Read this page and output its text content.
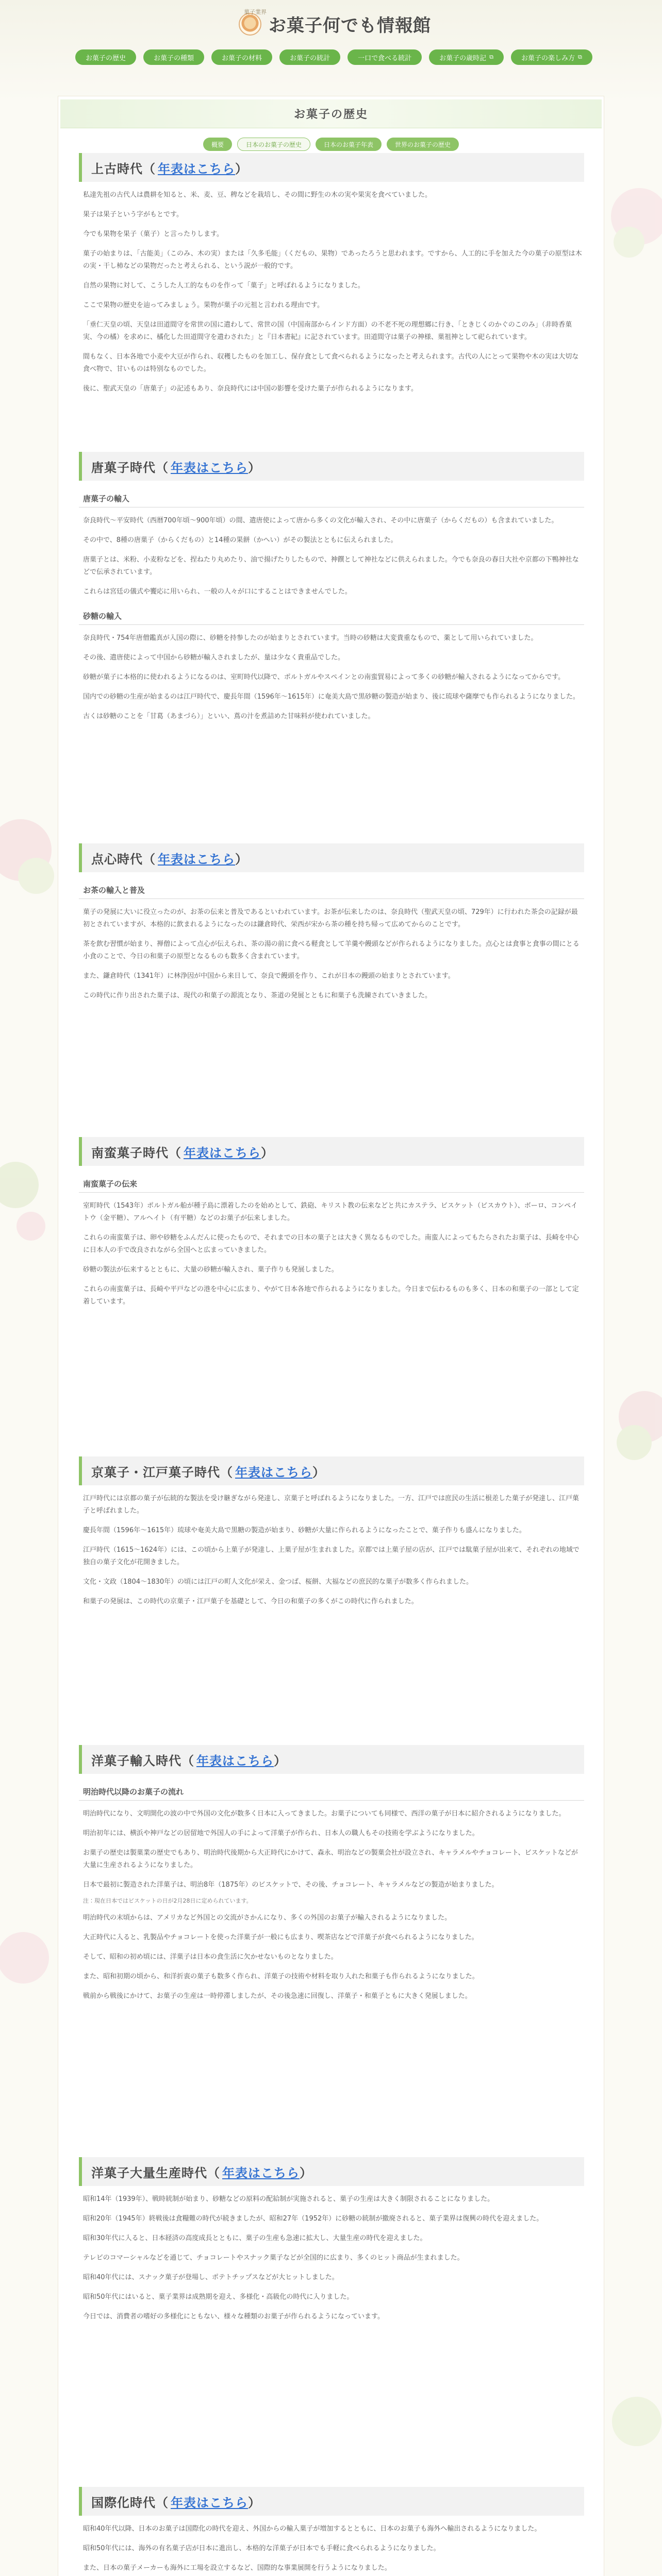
菓子業界
お菓子何でも情報館
お菓子の歴史	お菓子の種類	お菓子の材料	お菓子の統計	一口で食べる統計	お菓子の歳時記 ⧉	お菓子の楽しみ方 ⧉
お菓子の歴史
概要	日本のお菓子の歴史	日本のお菓子年表	世界のお菓子の歴史
上古時代 （ 年表はこちら ）

私達先祖の古代人は農耕を知ると、米、麦、豆、稗などを栽培し、その間に野生の木の実や果実を食べていました。

果子は果子という字がもとです。

今でも果物を果子（菓子）と言ったりします。

菓子の始まりは、「古能美」（このみ、木の実）または「久多毛能」（くだもの、果物）であったろうと思われます。ですから、人工的に手を加えた今の菓子の原型は木の実・干し柿などの果物だったと考えられる、という説が一般的です。

自然の果物に対して、こうした人工的なものを作って「菓子」と呼ばれるようになりました。

ここで果物の歴史を辿ってみましょう。果物が菓子の元祖と言われる理由です。

「垂仁天皇の頃、天皇は田道間守を常世の国に遣わして、常世の国（中国南部からインド方面）の不老不死の理想郷に行き、「ときじくのかぐのこのみ」（非時香菓実、今の橘）を求めに、橘化した田道間守を遣わされた」と『日本書紀』に記されています。田道間守は菓子の神様、菓祖神として祀られています。

間もなく、日本各地で小麦や大豆が作られ、収穫したものを加工し、保存食として食べられるようになったと考えられます。古代の人にとって果物や木の実は大切な食べ物で、甘いものは特別なものでした。

後に、聖武天皇の「唐菓子」の記述もあり、奈良時代には中国の影響を受けた菓子が作られるようになります。

唐菓子時代 （ 年表はこちら ）
唐菓子の輸入

奈良時代～平安時代（西暦700年頃～900年頃）の間、遣唐使によって唐から多くの文化が輸入され、その中に唐菓子（からくだもの）も含まれていました。

その中で、8種の唐菓子（からくだもの）と14種の果餅（かへい）がその製法とともに伝えられました。

唐菓子とは、米粉、小麦粉などを、捏ねたり丸めたり、油で揚げたりしたもので、神饌として神社などに供えられました。今でも奈良の春日大社や京都の下鴨神社などで伝承されています。

これらは宮廷の儀式や饗応に用いられ、一般の人々が口にすることはできませんでした。

砂糖の輸入

奈良時代・754年唐僧鑑真が入国の際に、砂糖を持参したのが始まりとされています。当時の砂糖は大変貴重なもので、薬として用いられていました。

その後、遣唐使によって中国から砂糖が輸入されましたが、量は少なく貴重品でした。

砂糖が菓子に本格的に使われるようになるのは、室町時代以降で、ポルトガルやスペインとの南蛮貿易によって多くの砂糖が輸入されるようになってからです。

国内での砂糖の生産が始まるのは江戸時代で、慶長年間（1596年～1615年）に奄美大島で黒砂糖の製造が始まり、後に琉球や薩摩でも作られるようになりました。

古くは砂糖のことを「甘葛（あまづら）」といい、蔦の汁を煮詰めた甘味料が使われていました。

点心時代 （ 年表はこちら ）
お茶の輸入と普及

菓子の発展に大いに役立ったのが、お茶の伝来と普及であるといわれています。お茶が伝来したのは、奈良時代（聖武天皇の頃、729年）に行われた茶会の記録が最初とされていますが、本格的に飲まれるようになったのは鎌倉時代、栄西が宋から茶の種を持ち帰って広めてからのことです。

茶を飲む習慣が始まり、禅僧によって点心が伝えられ、茶の湯の前に食べる軽食として羊羹や饅頭などが作られるようになりました。点心とは食事と食事の間にとる小食のことで、今日の和菓子の原型となるものも数多く含まれています。

また、鎌倉時代（1341年）に林浄因が中国から来日して、奈良で饅頭を作り、これが日本の饅頭の始まりとされています。

この時代に作り出された菓子は、現代の和菓子の源流となり、茶道の発展とともに和菓子も洗練されていきました。

南蛮菓子時代 （ 年表はこちら ）
南蛮菓子の伝来

室町時代（1543年）ポルトガル船が種子島に漂着したのを始めとして、鉄砲、キリスト教の伝来などと共にカステラ、ビスケット（ビスカウト）、ボーロ、コンペイトウ（金平糖）、アルヘイト（有平糖）などのお菓子が伝来しました。

これらの南蛮菓子は、卵や砂糖をふんだんに使ったもので、それまでの日本の菓子とは大きく異なるものでした。南蛮人によってもたらされたお菓子は、長崎を中心に日本人の手で改良されながら全国へと広まっていきました。

砂糖の製法が伝来するとともに、大量の砂糖が輸入され、菓子作りも発展しました。

これらの南蛮菓子は、長崎や平戸などの港を中心に広まり、やがて日本各地で作られるようになりました。今日まで伝わるものも多く、日本の和菓子の一部として定着しています。

京菓子・江戸菓子時代 （ 年表はこちら ）

江戸時代には京都の菓子が伝統的な製法を受け継ぎながら発達し、京菓子と呼ばれるようになりました。一方、江戸では庶民の生活に根差した菓子が発達し、江戸菓子と呼ばれました。

慶長年間（1596年～1615年）琉球や奄美大島で黒糖の製造が始まり、砂糖が大量に作られるようになったことで、菓子作りも盛んになりました。

江戸時代（1615～1624年）には、この頃から上菓子が発達し、上菓子屋が生まれました。京都では上菓子屋の店が、江戸では駄菓子屋が出来て、それぞれの地域で独自の菓子文化が花開きました。

文化・文政（1804～1830年）の頃には江戸の町人文化が栄え、金つば、桜餅、大福などの庶民的な菓子が数多く作られました。

和菓子の発展は、この時代の京菓子・江戸菓子を基礎として、今日の和菓子の多くがこの時代に作られました。

洋菓子輸入時代 （ 年表はこちら ）
明治時代以降のお菓子の流れ

明治時代になり、文明開化の波の中で外国の文化が数多く日本に入ってきました。お菓子についても同様で、西洋の菓子が日本に紹介されるようになりました。

明治初年には、横浜や神戸などの居留地で外国人の手によって洋菓子が作られ、日本人の職人もその技術を学ぶようになりました。

お菓子の歴史は製菓業の歴史でもあり、明治時代後期から大正時代にかけて、森永、明治などの製菓会社が設立され、キャラメルやチョコレート、ビスケットなどが大量に生産されるようになりました。

日本で最初に製造された洋菓子は、明治8年（1875年）のビスケットで、その後、チョコレート、キャラメルなどの製造が始まりました。

注：現在日本ではビスケットの日が2月28日に定められています。

明治時代の末頃からは、アメリカなど外国との交流がさかんになり、多くの外国のお菓子が輸入されるようになりました。

大正時代に入ると、乳製品やチョコレートを使った洋菓子が一般にも広まり、喫茶店などで洋菓子が食べられるようになりました。

そして、昭和の初め頃には、洋菓子は日本の食生活に欠かせないものとなりました。

また、昭和初期の頃から、和洋折衷の菓子も数多く作られ、洋菓子の技術や材料を取り入れた和菓子も作られるようになりました。

戦前から戦後にかけて、お菓子の生産は一時停滞しましたが、その後急速に回復し、洋菓子・和菓子ともに大きく発展しました。

洋菓子大量生産時代 （ 年表はこちら ）

昭和14年（1939年）、戦時統制が始まり、砂糖などの原料の配給制が実施されると、菓子の生産は大きく制限されることになりました。

昭和20年（1945年）終戦後は食糧難の時代が続きましたが、昭和27年（1952年）に砂糖の統制が撤廃されると、菓子業界は復興の時代を迎えました。

昭和30年代に入ると、日本経済の高度成長とともに、菓子の生産も急速に拡大し、大量生産の時代を迎えました。

テレビのコマーシャルなどを通じて、チョコレートやスナック菓子などが全国的に広まり、多くのヒット商品が生まれました。

昭和40年代には、スナック菓子が登場し、ポテトチップスなどが大ヒットしました。

昭和50年代にはいると、菓子業界は成熟期を迎え、多様化・高級化の時代に入りました。

今日では、消費者の嗜好の多様化にともない、様々な種類のお菓子が作られるようになっています。

国際化時代 （ 年表はこちら ）

昭和40年代以降、日本のお菓子は国際化の時代を迎え、外国からの輸入菓子が増加するとともに、日本のお菓子も海外へ輸出されるようになりました。

昭和50年代には、海外の有名菓子店が日本に進出し、本格的な洋菓子が日本でも手軽に食べられるようになりました。

また、日本の菓子メーカーも海外に工場を設立するなど、国際的な事業展開を行うようになりました。
